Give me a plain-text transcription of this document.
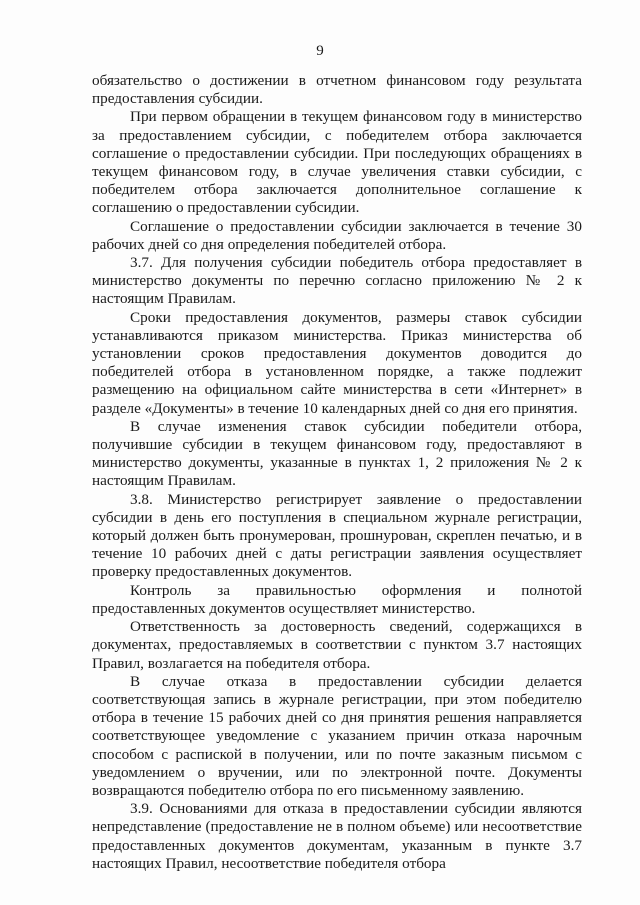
9

обязательство о достижении в отчетном финансовом году результата предоставления субсидии.

При первом обращении в текущем финансовом году в министерство за предоставлением субсидии, с победителем отбора заключается соглашение о предоставлении субсидии. При последующих обращениях в текущем финансовом году, в случае увеличения ставки субсидии, с победителем отбора заключается дополнительное соглашение к соглашению о предоставлении субсидии.

Соглашение о предоставлении субсидии заключается в течение 30 рабочих дней со дня определения победителей отбора.

3.7. Для получения субсидии победитель отбора предоставляет в министерство документы по перечню согласно приложению № 2 к настоящим Правилам.

Сроки предоставления документов, размеры ставок субсидии устанавливаются приказом министерства. Приказ министерства об установлении сроков предоставления документов доводится до победителей отбора в установленном порядке, а также подлежит размещению на официальном сайте министерства в сети «Интернет» в разделе «Документы» в течение 10 календарных дней со дня его принятия.

В случае изменения ставок субсидии победители отбора, получившие субсидии в текущем финансовом году, предоставляют в министерство документы, указанные в пунктах 1, 2 приложения № 2 к настоящим Правилам.

3.8. Министерство регистрирует заявление о предоставлении субсидии в день его поступления в специальном журнале регистрации, который должен быть пронумерован, прошнурован, скреплен печатью, и в течение 10 рабочих дней с даты регистрации заявления осуществляет проверку предоставленных документов.

Контроль за правильностью оформления и полнотой предоставленных документов осуществляет министерство.

Ответственность за достоверность сведений, содержащихся в документах, предоставляемых в соответствии с пунктом 3.7 настоящих Правил, возлагается на победителя отбора.

В случае отказа в предоставлении субсидии делается соответствующая запись в журнале регистрации, при этом победителю отбора в течение 15 рабочих дней со дня принятия решения направляется соответствующее уведомление с указанием причин отказа нарочным способом с распиской в получении, или по почте заказным письмом с уведомлением о вручении, или по электронной почте. Документы возвращаются победителю отбора по его письменному заявлению.

3.9. Основаниями для отказа в предоставлении субсидии являются непредставление (предоставление не в полном объеме) или несоответствие предоставленных документов документам, указанным в пункте 3.7 настоящих Правил, несоответствие победителя отбора
